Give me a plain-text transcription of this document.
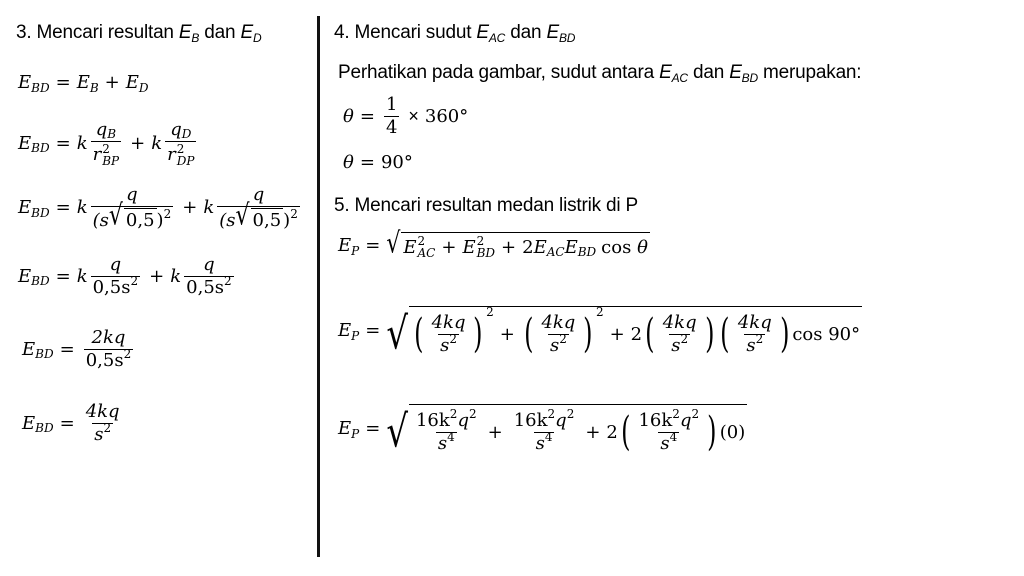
3. Mencari resultan $E_B$ dan $E_D$
E BD = E B + E D
E BD = k qB
r 2
BP + k qD
r 2
DP
E BD = k $\frac{q}{(s √ 0,5 )^2} + k \frac{q}{(s √ 0,5 )^2}$
E BD = k $\frac{q}{0,5s^2} + k \frac{q}{0,5s^2}$
E BD = $\frac{2kq}{0,5s^2}$
E BD = $\frac{4kq}{s^2}$
4. Mencari sudut $E_{AC}$ dan $E_{BD}$
Perhatikan pada gambar, sudut antara $E_{AC}$ dan $E_{BD}$ merupakan:
$\theta = \frac{1}{4} \times 360^\circ$
θ = 90°
5. Mencari resultan medan listrik di P
E P = √ E 2
AC + E 2
BD + 2 E AC E BD cos
θ
E P = √ ( $\frac{4kq}{s^2}$ ) 2
+ ( $\frac{4kq}{s^2}$ ) 2
+ 2 ( $\frac{4kq}{s^2}$ ) ( $\frac{4kq}{s^2}$ ) cos 90°
E P = √ $\frac{16k^2q^2}{s^4} + \frac{16k^2q^2}{s^4} + 2$ ( $\frac{16k^2q^2}{s^4}$ ) (0)
